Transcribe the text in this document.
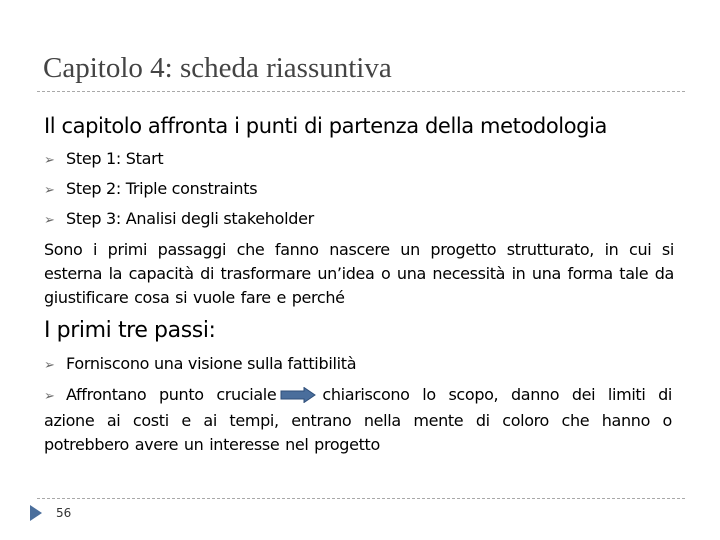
Capitolo 4: scheda riassuntiva
Il capitolo affronta i punti di partenza della metodologia
➢ Step 1: Start
➢ Step 2: Triple constraints
➢ Step 3: Analisi degli stakeholder
Sono i primi passaggi che fanno nascere un progetto strutturato, in cui si esterna la capacità di trasformare un’idea o una necessità in una forma tale da giustificare cosa si vuole fare e perché
I primi tre passi:
➢ Forniscono una visione sulla fattibilità
➢ Affrontano punto cruciale	chiariscono lo scopo, danno dei limiti di azione ai costi e ai tempi, entrano nella mente di coloro che hanno o potrebbero avere un interesse nel progetto
56
